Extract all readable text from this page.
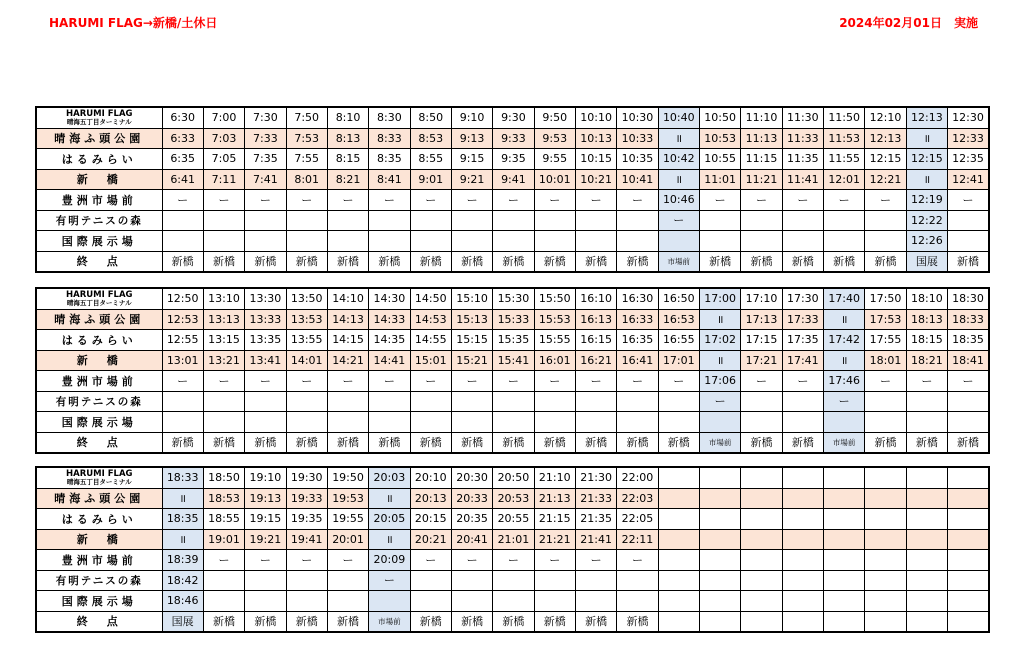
HARUMI FLAG→新橋/土休日	2024年02月01日　実施
HARUMI FLAG
晴海五丁目ターミナル	6:30	7:00	7:30	7:50	8:10	8:30	8:50	9:10	9:30	9:50	10:10	10:30	10:40	10:50	11:10	11:30	11:50	12:10	12:13	12:30
晴海ふ頭公園	6:33	7:03	7:33	7:53	8:13	8:33	8:53	9:13	9:33	9:53	10:13	10:33	॥	10:53	11:13	11:33	11:53	12:13	॥	12:33
はるみらい	6:35	7:05	7:35	7:55	8:15	8:35	8:55	9:15	9:35	9:55	10:15	10:35	10:42	10:55	11:15	11:35	11:55	12:15	12:15	12:35
新　橋	6:41	7:11	7:41	8:01	8:21	8:41	9:01	9:21	9:41	10:01	10:21	10:41	॥	11:01	11:21	11:41	12:01	12:21	॥	12:41
豊洲市場前	ー	ー	ー	ー	ー	ー	ー	ー	ー	ー	ー	ー	10:46	ー	ー	ー	ー	ー	12:19	ー
有明テニスの森													ー						12:22	
国際展示場																			12:26	
終　点	新橋	新橋	新橋	新橋	新橋	新橋	新橋	新橋	新橋	新橋	新橋	新橋	市場前	新橋	新橋	新橋	新橋	新橋	国展	新橋
HARUMI FLAG
晴海五丁目ターミナル	12:50	13:10	13:30	13:50	14:10	14:30	14:50	15:10	15:30	15:50	16:10	16:30	16:50	17:00	17:10	17:30	17:40	17:50	18:10	18:30
晴海ふ頭公園	12:53	13:13	13:33	13:53	14:13	14:33	14:53	15:13	15:33	15:53	16:13	16:33	16:53	॥	17:13	17:33	॥	17:53	18:13	18:33
はるみらい	12:55	13:15	13:35	13:55	14:15	14:35	14:55	15:15	15:35	15:55	16:15	16:35	16:55	17:02	17:15	17:35	17:42	17:55	18:15	18:35
新　橋	13:01	13:21	13:41	14:01	14:21	14:41	15:01	15:21	15:41	16:01	16:21	16:41	17:01	॥	17:21	17:41	॥	18:01	18:21	18:41
豊洲市場前	ー	ー	ー	ー	ー	ー	ー	ー	ー	ー	ー	ー	ー	17:06	ー	ー	17:46	ー	ー	ー
有明テニスの森														ー			ー			
国際展示場																				
終　点	新橋	新橋	新橋	新橋	新橋	新橋	新橋	新橋	新橋	新橋	新橋	新橋	新橋	市場前	新橋	新橋	市場前	新橋	新橋	新橋
HARUMI FLAG
晴海五丁目ターミナル	18:33	18:50	19:10	19:30	19:50	20:03	20:10	20:30	20:50	21:10	21:30	22:00								
晴海ふ頭公園	॥	18:53	19:13	19:33	19:53	॥	20:13	20:33	20:53	21:13	21:33	22:03								
はるみらい	18:35	18:55	19:15	19:35	19:55	20:05	20:15	20:35	20:55	21:15	21:35	22:05								
新　橋	॥	19:01	19:21	19:41	20:01	॥	20:21	20:41	21:01	21:21	21:41	22:11								
豊洲市場前	18:39	ー	ー	ー	ー	20:09	ー	ー	ー	ー	ー	ー								
有明テニスの森	18:42					ー														
国際展示場	18:46																			
終　点	国展	新橋	新橋	新橋	新橋	市場前	新橋	新橋	新橋	新橋	新橋	新橋								
